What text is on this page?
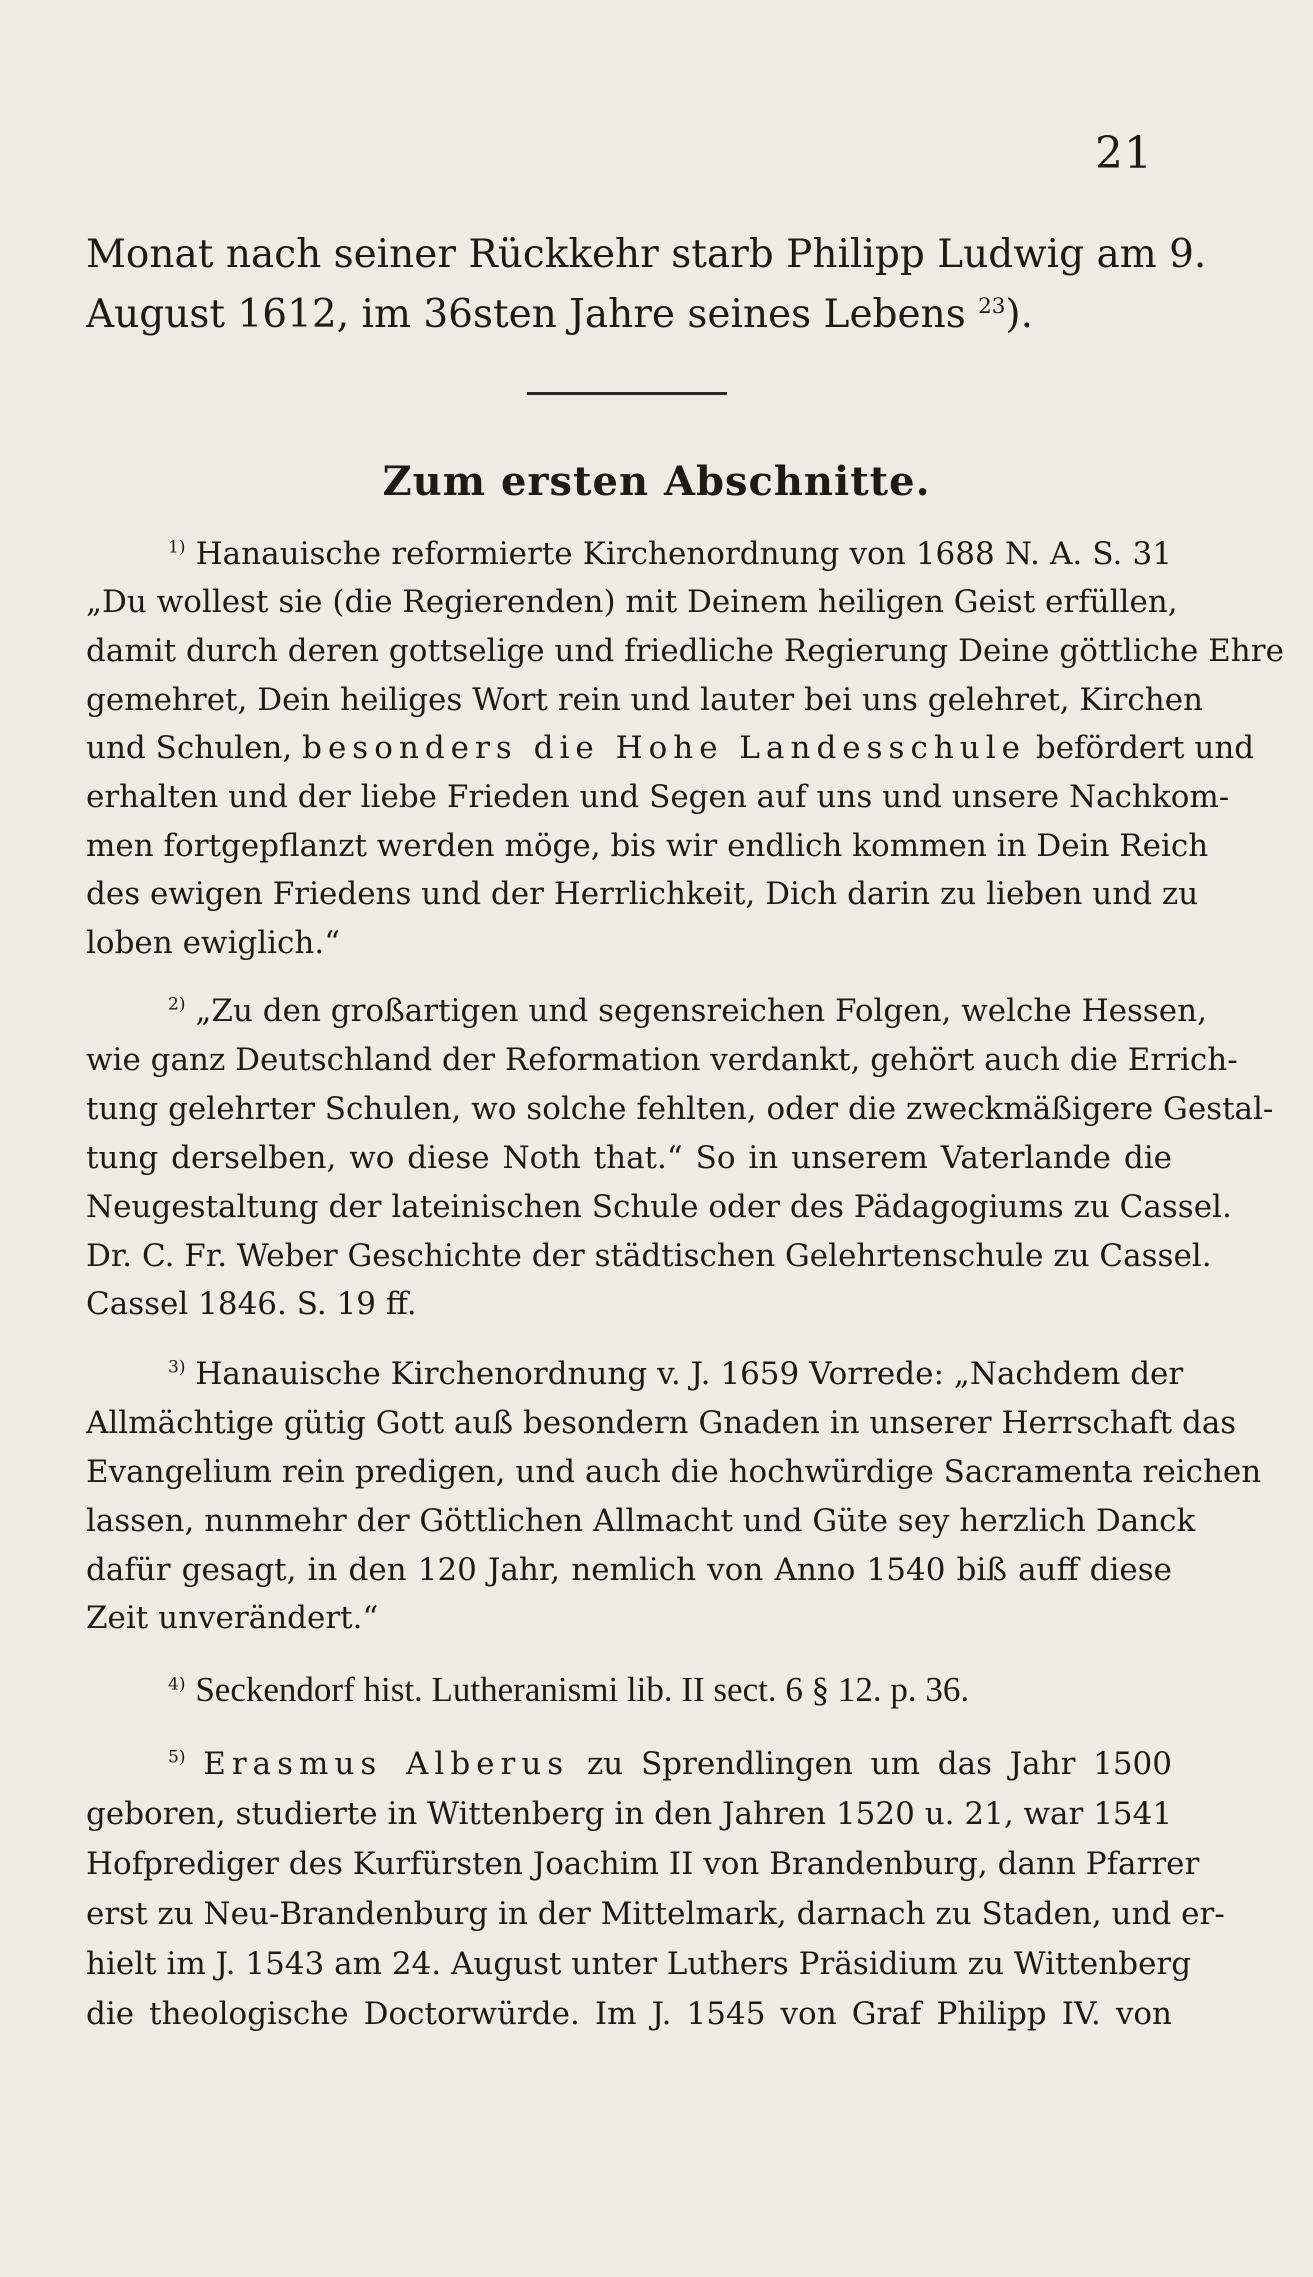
21
Monat nach seiner Rückkehr starb Philipp Ludwig am 9.
August 1612, im 36sten Jahre seines Lebens $^{23}$).
Zum ersten Abschnitte.
$^{1)}$ Hanauische reformierte Kirchenordnung von 1688 N. A. S. 31
„Du wollest sie (die Regierenden) mit Deinem heiligen Geist erfüllen,
damit durch deren gottselige und friedliche Regierung Deine göttliche Ehre
gemehret, Dein heiliges Wort rein und lauter bei uns gelehret, Kirchen
und Schulen, besonders die Hohe Landesschule befördert und
erhalten und der liebe Frieden und Segen auf uns und unsere Nachkom-
men fortgepflanzt werden möge, bis wir endlich kommen in Dein Reich
des ewigen Friedens und der Herrlichkeit, Dich darin zu lieben und zu
loben ewiglich.“
$^{2)}$ „Zu den großartigen und segensreichen Folgen, welche Hessen,
wie ganz Deutschland der Reformation verdankt, gehört auch die Errich-
tung gelehrter Schulen, wo solche fehlten, oder die zweckmäßigere Gestal-
tung derselben, wo diese Noth that.“ So in unserem Vaterlande die
Neugestaltung der lateinischen Schule oder des Pädagogiums zu Cassel.
Dr. C. Fr. Weber Geschichte der städtischen Gelehrtenschule zu Cassel.
Cassel 1846. S. 19 ff.
$^{3)}$ Hanauische Kirchenordnung v. J. 1659 Vorrede: „Nachdem der
Allmächtige gütig Gott auß besondern Gnaden in unserer Herrschaft das
Evangelium rein predigen, und auch die hochwürdige Sacramenta reichen
lassen, nunmehr der Göttlichen Allmacht und Güte sey herzlich Danck
dafür gesagt, in den 120 Jahr, nemlich von Anno 1540 biß auff diese
Zeit unverändert.“
$^{4)}$ Seckendorf hist. Lutheranismi lib. II sect. 6 § 12. p. 36.
$^{5)}$ Erasmus Alberus zu Sprendlingen um das Jahr 1500
geboren, studierte in Wittenberg in den Jahren 1520 u. 21, war 1541
Hofprediger des Kurfürsten Joachim II von Brandenburg, dann Pfarrer
erst zu Neu-Brandenburg in der Mittelmark, darnach zu Staden, und er-
hielt im J. 1543 am 24. August unter Luthers Präsidium zu Wittenberg
die theologische Doctorwürde. Im J. 1545 von Graf Philipp IV. von
